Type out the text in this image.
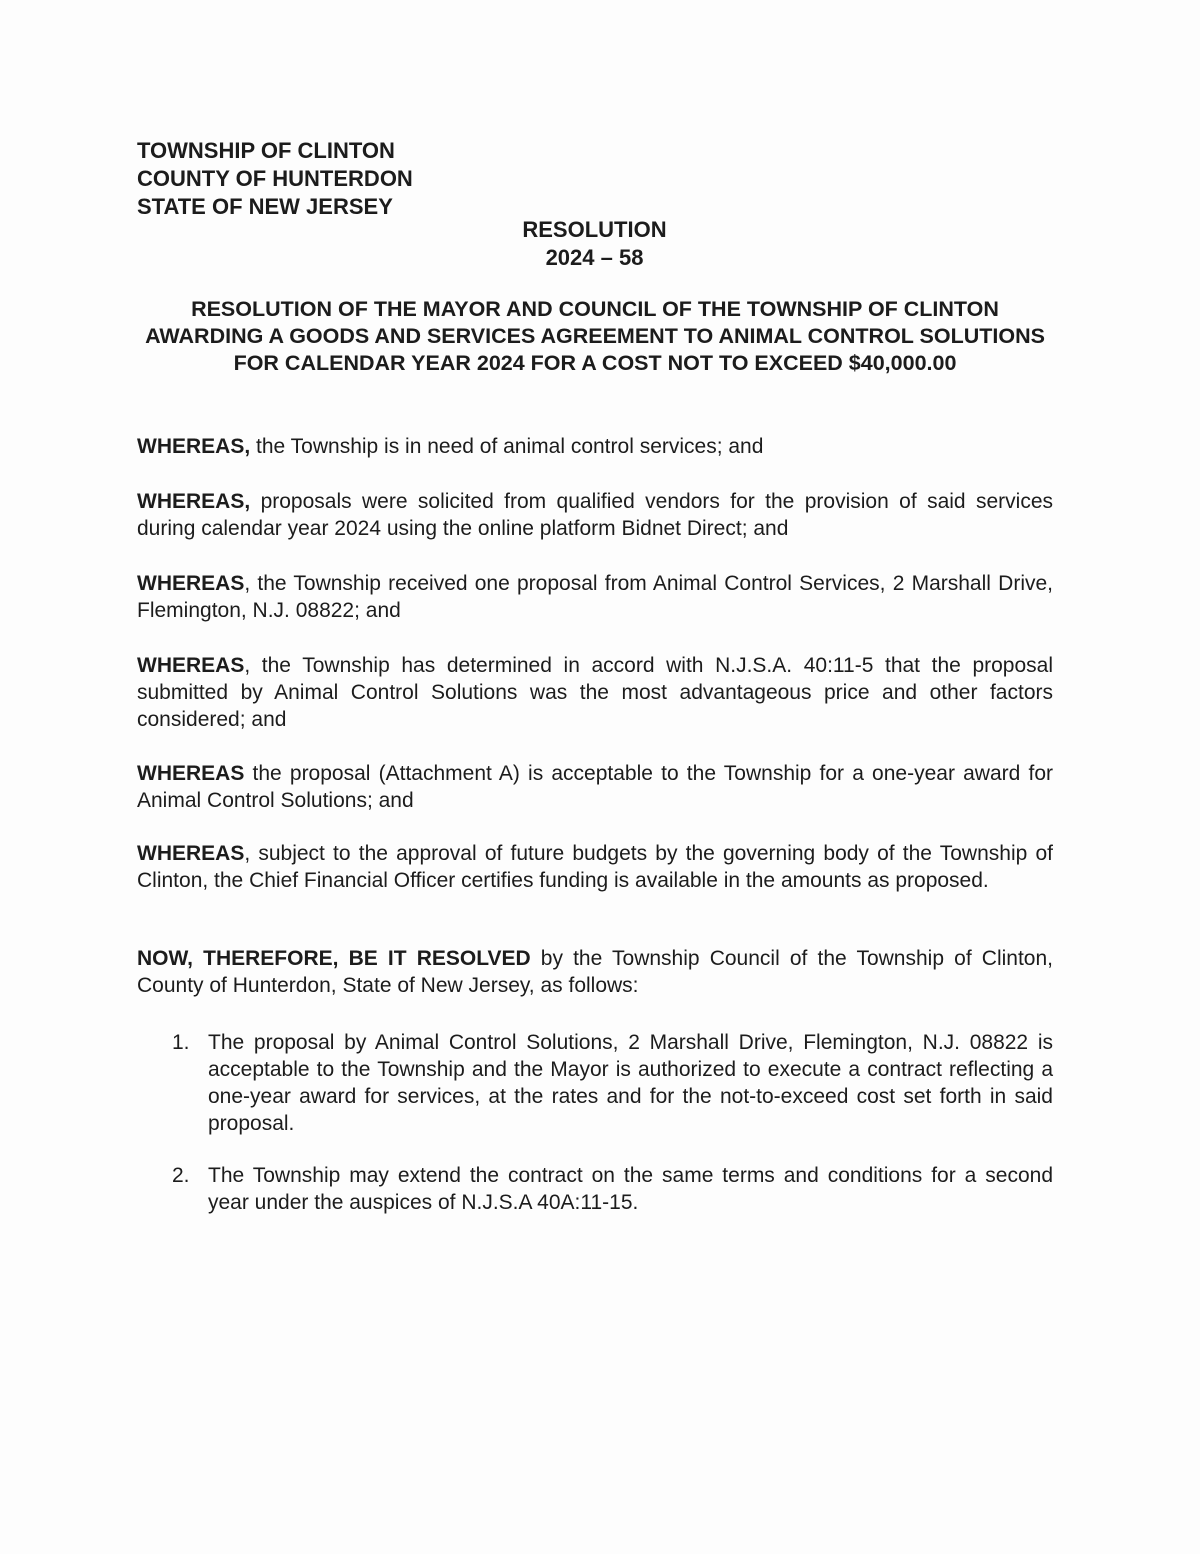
TOWNSHIP OF CLINTON
COUNTY OF HUNTERDON
STATE OF NEW JERSEY
RESOLUTION
2024 – 58
RESOLUTION OF THE MAYOR AND COUNCIL OF THE TOWNSHIP OF CLINTON AWARDING A GOODS AND SERVICES AGREEMENT TO ANIMAL CONTROL SOLUTIONS FOR CALENDAR YEAR 2024 FOR A COST NOT TO EXCEED $40,000.00
WHEREAS, the Township is in need of animal control services; and
WHEREAS, proposals were solicited from qualified vendors for the provision of said services during calendar year 2024 using the online platform Bidnet Direct; and
WHEREAS, the Township received one proposal from Animal Control Services, 2 Marshall Drive, Flemington, N.J. 08822; and
WHEREAS, the Township has determined in accord with N.J.S.A. 40:11-5 that the proposal submitted by Animal Control Solutions was the most advantageous price and other factors considered; and
WHEREAS the proposal (Attachment A) is acceptable to the Township for a one-year award for Animal Control Solutions; and
WHEREAS, subject to the approval of future budgets by the governing body of the Township of Clinton, the Chief Financial Officer certifies funding is available in the amounts as proposed.
NOW, THEREFORE, BE IT RESOLVED by the Township Council of the Township of Clinton, County of Hunterdon, State of New Jersey, as follows:
1. The proposal by Animal Control Solutions, 2 Marshall Drive, Flemington, N.J. 08822 is acceptable to the Township and the Mayor is authorized to execute a contract reflecting a one-year award for services, at the rates and for the not-to-exceed cost set forth in said proposal.
2. The Township may extend the contract on the same terms and conditions for a second year under the auspices of N.J.S.A 40A:11-15.
